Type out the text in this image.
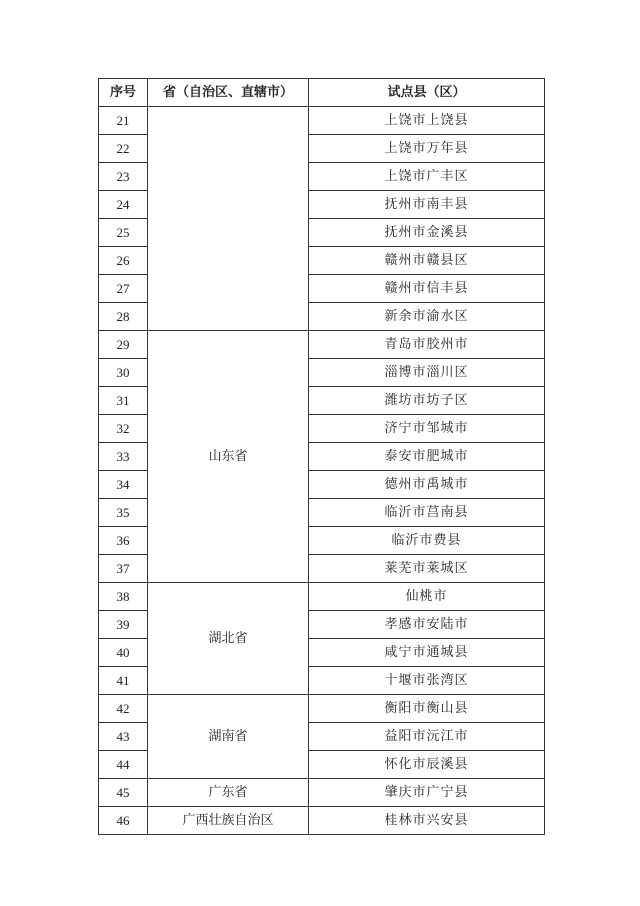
序号	省（自治区、直辖市）	试点县（区）
21		上饶市上饶县
22		上饶市万年县
23		上饶市广丰区
24		抚州市南丰县
25		抚州市金溪县
26		赣州市赣县区
27		赣州市信丰县
28		新余市渝水区
29	山东省	青岛市胶州市
30		淄博市淄川区
31		潍坊市坊子区
32		济宁市邹城市
33		泰安市肥城市
34		德州市禹城市
35		临沂市莒南县
36		临沂市费县
37		莱芜市莱城区
38	湖北省	仙桃市
39		孝感市安陆市
40		咸宁市通城县
41		十堰市张湾区
42	湖南省	衡阳市衡山县
43		益阳市沅江市
44		怀化市辰溪县
45	广东省	肇庆市广宁县
46	广西壮族自治区	桂林市兴安县
